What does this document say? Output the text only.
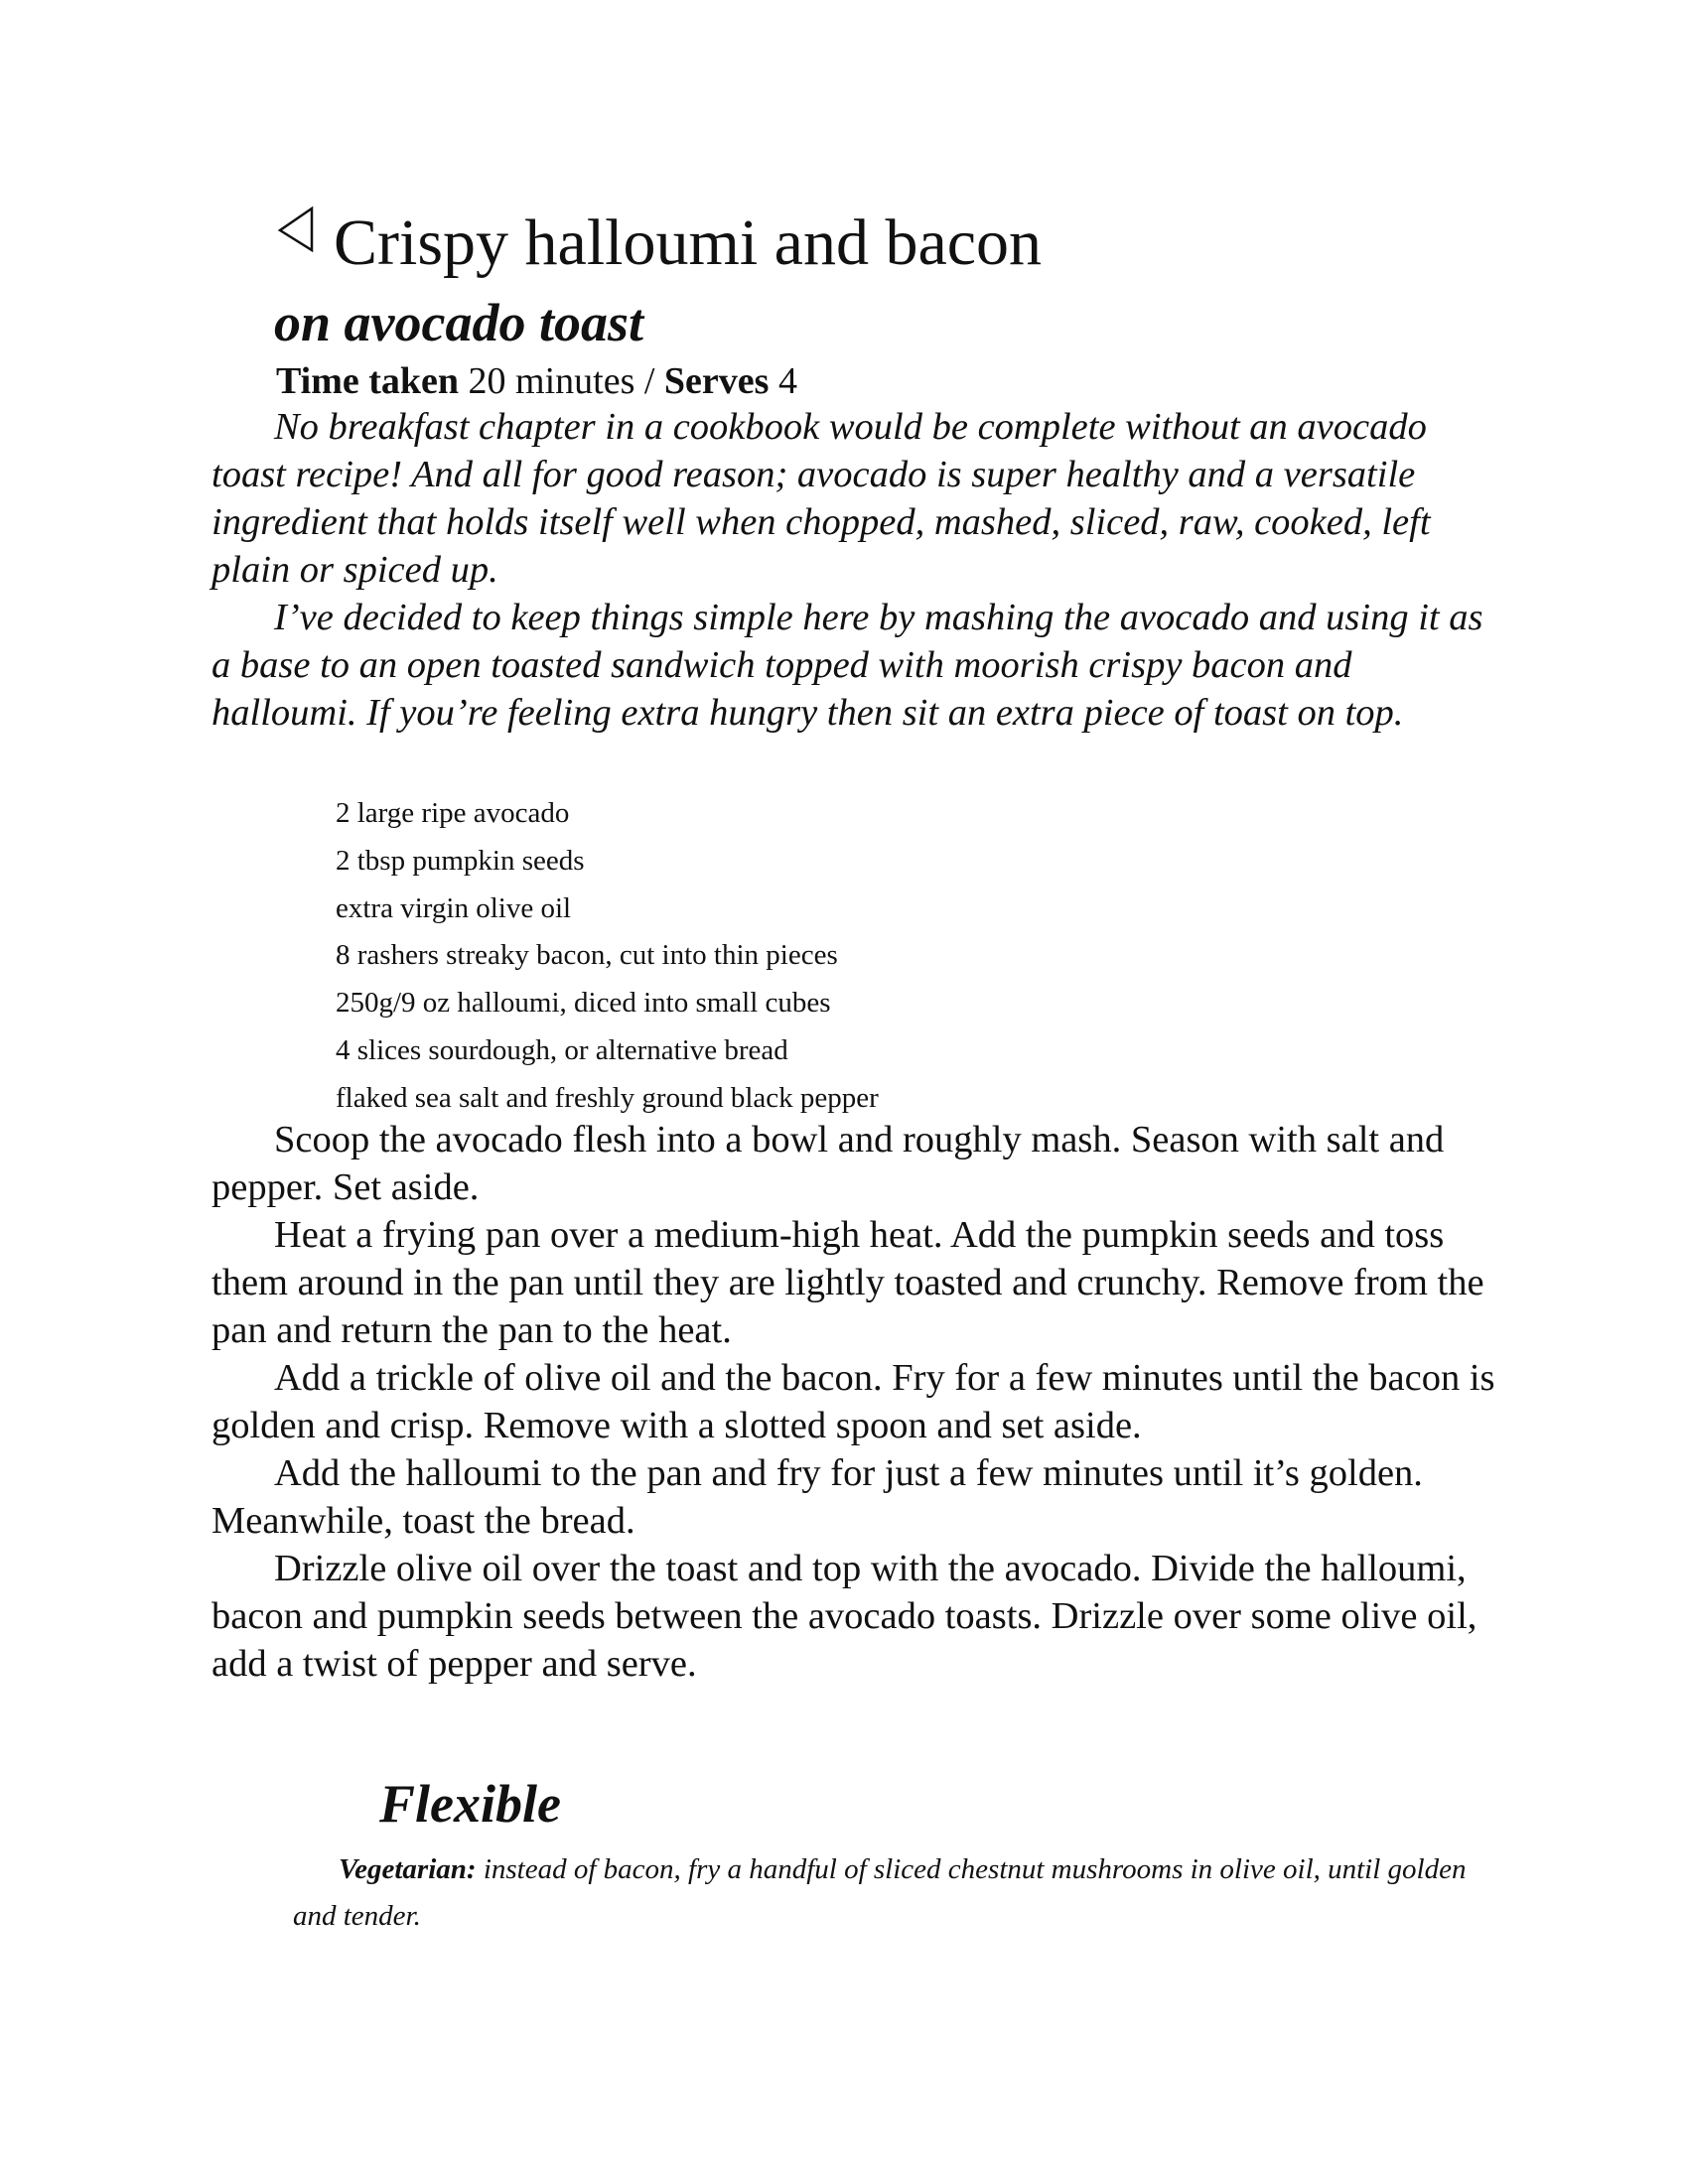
Crispy halloumi and bacon
on avocado toast
Time taken 20 minutes / Serves 4

No breakfast chapter in a cookbook would be complete without an avocado toast recipe! And all for good reason; avocado is super healthy and a versatile ingredient that holds itself well when chopped, mashed, sliced, raw, cooked, left plain or spiced up.

I’ve decided to keep things simple here by mashing the avocado and using it as a base to an open toasted sandwich topped with moorish crispy bacon and halloumi. If you’re feeling extra hungry then sit an extra piece of toast on top.

2 large ripe avocado
2 tbsp pumpkin seeds
extra virgin olive oil
8 rashers streaky bacon, cut into thin pieces
250g/9 oz halloumi, diced into small cubes
4 slices sourdough, or alternative bread
flaked sea salt and freshly ground black pepper

Scoop the avocado flesh into a bowl and roughly mash. Season with salt and pepper. Set aside.

Heat a frying pan over a medium-high heat. Add the pumpkin seeds and toss them around in the pan until they are lightly toasted and crunchy. Remove from the pan and return the pan to the heat.

Add a trickle of olive oil and the bacon. Fry for a few minutes until the bacon is golden and crisp. Remove with a slotted spoon and set aside.

Add the halloumi to the pan and fry for just a few minutes until it’s golden. Meanwhile, toast the bread.

Drizzle olive oil over the toast and top with the avocado. Divide the halloumi, bacon and pumpkin seeds between the avocado toasts. Drizzle over some olive oil, add a twist of pepper and serve.

Flexible

Vegetarian: instead of bacon, fry a handful of sliced chestnut mushrooms in olive oil, until golden and tender.
